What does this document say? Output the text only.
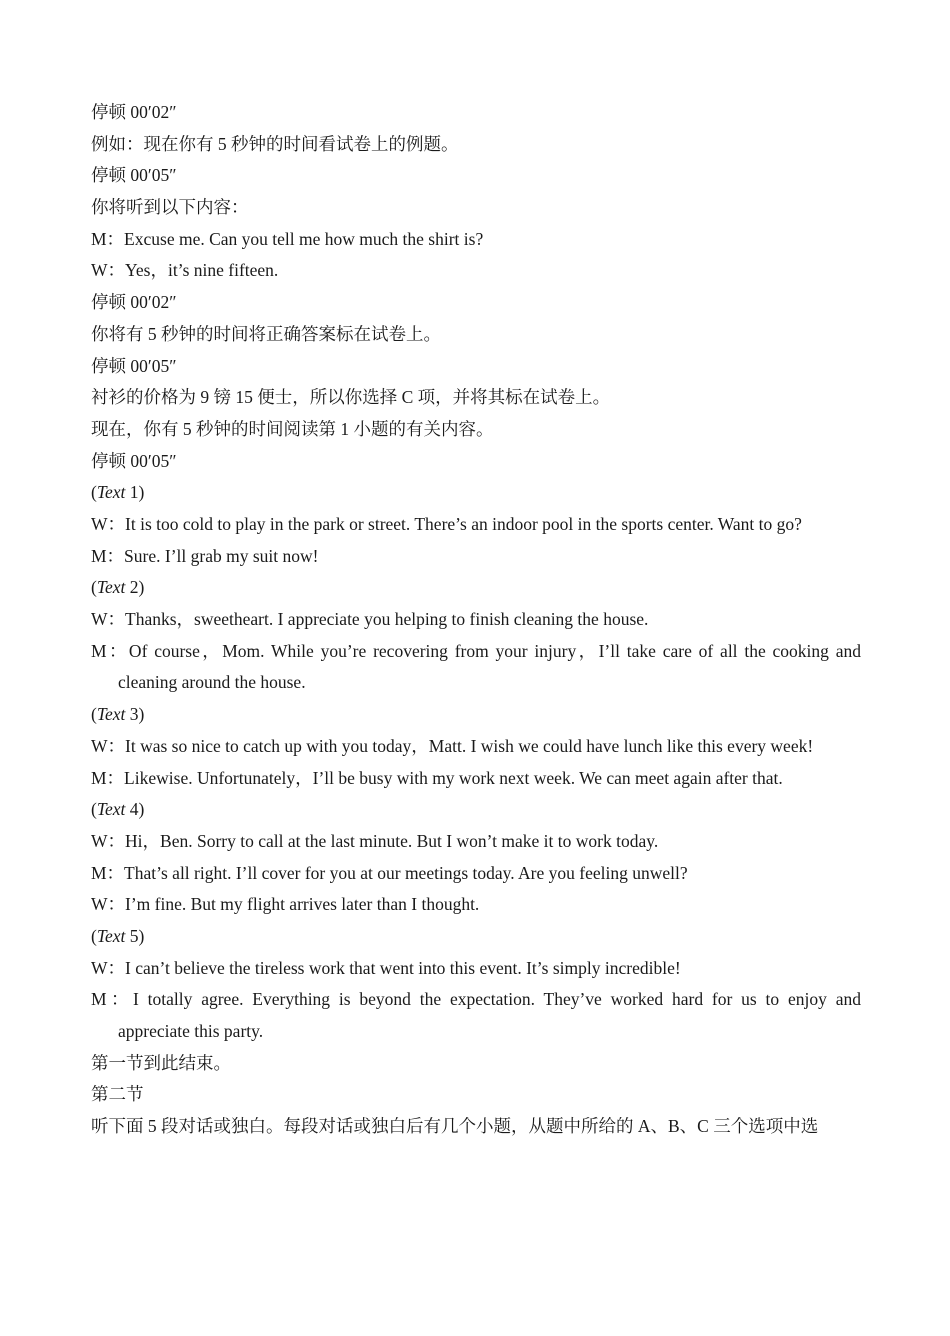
停顿 00′02″
例如：现在你有 5 秒钟的时间看试卷上的例题。
停顿 00′05″
你将听到以下内容：
M：Excuse me. Can you tell me how much the shirt is?
W：Yes，it’s nine fifteen.
停顿 00′02″
你将有 5 秒钟的时间将正确答案标在试卷上。
停顿 00′05″
衬衫的价格为 9 镑 15 便士，所以你选择 C 项，并将其标在试卷上。
现在，你有 5 秒钟的时间阅读第 1 小题的有关内容。
停顿 00′05″
(Text 1)
W：It is too cold to play in the park or street. There’s an indoor pool in the sports center. Want to go?
M：Sure. I’ll grab my suit now!
(Text 2)
W：Thanks，sweetheart. I appreciate you helping to finish cleaning the house.
M：Of course，Mom. While you’re recovering from your injury，I’ll take care of all the cooking and cleaning around the house.
(Text 3)
W：It was so nice to catch up with you today，Matt. I wish we could have lunch like this every week!
M：Likewise. Unfortunately，I’ll be busy with my work next week. We can meet again after that.
(Text 4)
W：Hi，Ben. Sorry to call at the last minute. But I won’t make it to work today.
M：That’s all right. I’ll cover for you at our meetings today. Are you feeling unwell?
W：I’m fine. But my flight arrives later than I thought.
(Text 5)
W：I can’t believe the tireless work that went into this event. It’s simply incredible!
M：I totally agree. Everything is beyond the expectation. They’ve worked hard for us to enjoy and appreciate this party.
第一节到此结束。
第二节
听下面 5 段对话或独白。每段对话或独白后有几个小题，从题中所给的 A、B、C 三个选项中选
